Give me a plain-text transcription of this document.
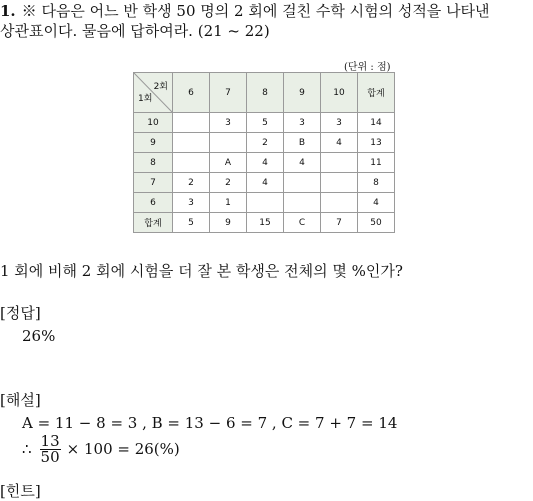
1. ※ 다음은 어느 반 학생 50 명의 2 회에 걸친 수학 시험의 성적을 나타낸
상관표이다. 물음에 답하여라. (21 ~ 22)
(단위 : 점)
2회
1회	6	7	8	9	10	합계
10		3	5	3	3	14
9			2	B	4	13
8		A	4	4		11
7	2	2	4			8
6	3	1				4
합계	5	9	15	C	7	50
1 회에 비해 2 회에 시험을 더 잘 본 학생은 전체의 몇 %인가?
[정답]
26%
[해설]
A = 11 − 8 = 3 , B = 13 − 6 = 7 , C = 7 + 7 = 14
∴ $\frac{13}{50} \times 100 = 26(\%)$
[힌트]
